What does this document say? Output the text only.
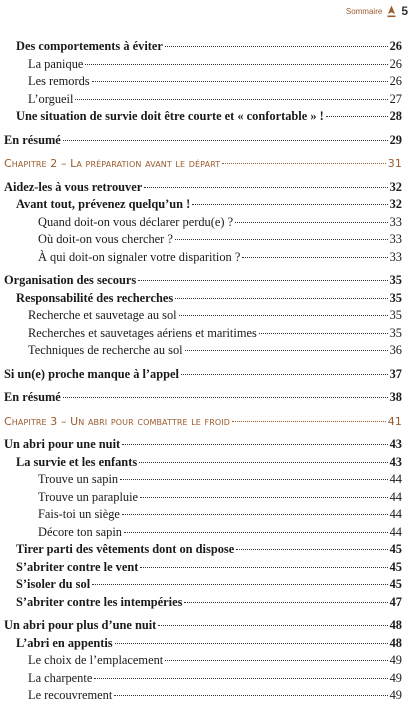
Sommaire 5
Des comportements à éviter	26
La panique	26
Les remords	26
L’orgueil	27
Une situation de survie doit être courte et « confortable » !	28
En résumé	29
Chapitre 2 – La préparation avant le départ	31
Aidez-les à vous retrouver	32
Avant tout, prévenez quelqu’un !	32
Quand doit-on vous déclarer perdu(e) ?	33
Où doit-on vous chercher ?	33
À qui doit-on signaler votre disparition ?	33
Organisation des secours	35
Responsabilité des recherches	35
Recherche et sauvetage au sol	35
Recherches et sauvetages aériens et maritimes	35
Techniques de recherche au sol	36
Si un(e) proche manque à l’appel	37
En résumé	38
Chapitre 3 – Un abri pour combattre le froid	41
Un abri pour une nuit	43
La survie et les enfants	43
Trouve un sapin	44
Trouve un parapluie	44
Fais-toi un siège	44
Décore ton sapin	44
Tirer parti des vêtements dont on dispose	45
S’abriter contre le vent	45
S’isoler du sol	45
S’abriter contre les intempéries	47
Un abri pour plus d’une nuit	48
L’abri en appentis	48
Le choix de l’emplacement	49
La charpente	49
Le recouvrement	49
